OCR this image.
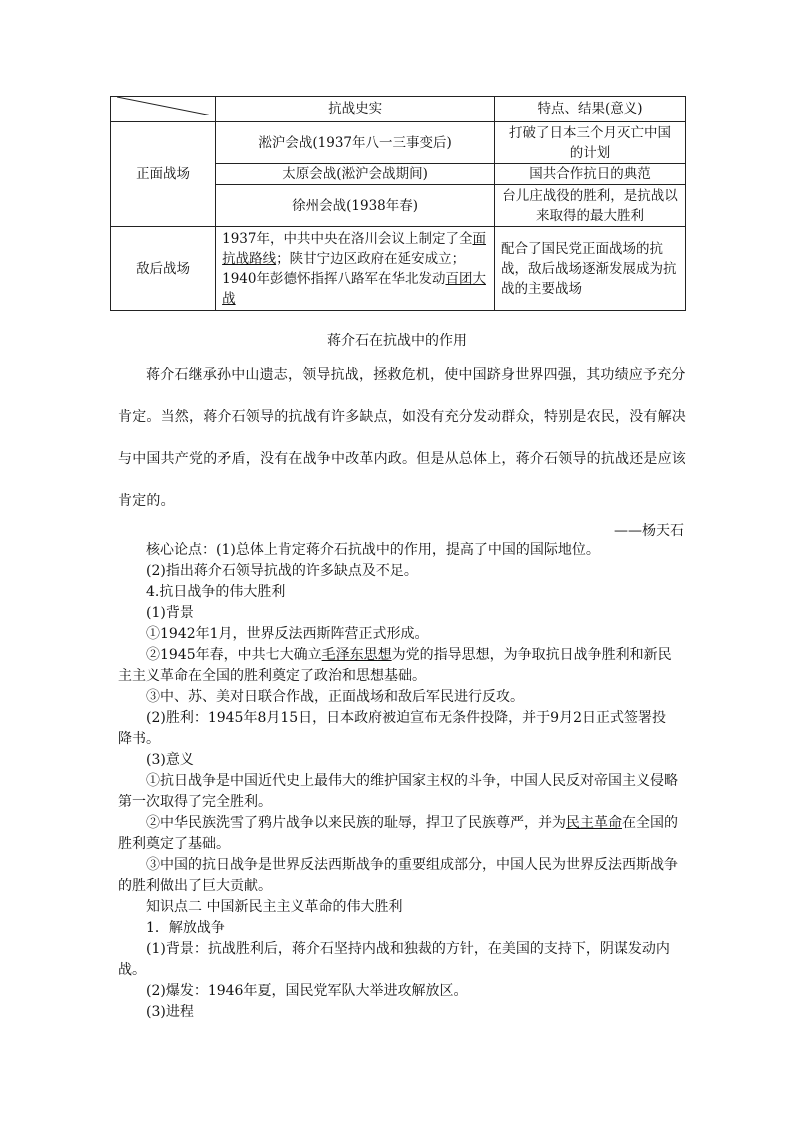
	抗战史实	特点、结果(意义)
正面战场	淞沪会战(1937年八一三事变后)	打破了日本三个月灭亡中国
的计划

	太原会战(淞沪会战期间)	国共合作抗日的典范
	徐州会战(1938年春)	台儿庄战役的胜利，是抗战以
来取得的最大胜利

敌后战场	1937年，中共中央在洛川会议上制定了全面抗战路线；陕甘宁边区政府在延安成立；1940年彭德怀指挥八路军在华北发动百团大战	配合了国民党正面战场的抗
战，敌后战场逐渐发展成为抗
战的主要战场
蒋介石在抗战中的作用
蒋介石继承孙中山遗志，领导抗战，拯救危机，使中国跻身世界四强，其功绩应予充分
肯定。当然，蒋介石领导的抗战有许多缺点，如没有充分发动群众，特别是农民，没有解决
与中国共产党的矛盾，没有在战争中改革内政。但是从总体上，蒋介石领导的抗战还是应该
肯定的。
——杨天石
核心论点：(1)总体上肯定蒋介石抗战中的作用，提高了中国的国际地位。
(2)指出蒋介石领导抗战的许多缺点及不足。
4.抗日战争的伟大胜利
(1)背景
①1942年1月，世界反法西斯阵营正式形成。
②1945年春，中共七大确立毛泽东思想为党的指导思想，为争取抗日战争胜利和新民
主主义革命在全国的胜利奠定了政治和思想基础。
③中、苏、美对日联合作战，正面战场和敌后军民进行反攻。
(2)胜利：1945年8月15日，日本政府被迫宣布无条件投降，并于9月2日正式签署投
降书。
(3)意义
①抗日战争是中国近代史上最伟大的维护国家主权的斗争，中国人民反对帝国主义侵略
第一次取得了完全胜利。
②中华民族洗雪了鸦片战争以来民族的耻辱，捍卫了民族尊严，并为民主革命在全国的
胜利奠定了基础。
③中国的抗日战争是世界反法西斯战争的重要组成部分，中国人民为世界反法西斯战争
的胜利做出了巨大贡献。
知识点二 中国新民主主义革命的伟大胜利
1．解放战争
(1)背景：抗战胜利后，蒋介石坚持内战和独裁的方针，在美国的支持下，阴谋发动内
战。
(2)爆发：1946年夏，国民党军队大举进攻解放区。
(3)进程
